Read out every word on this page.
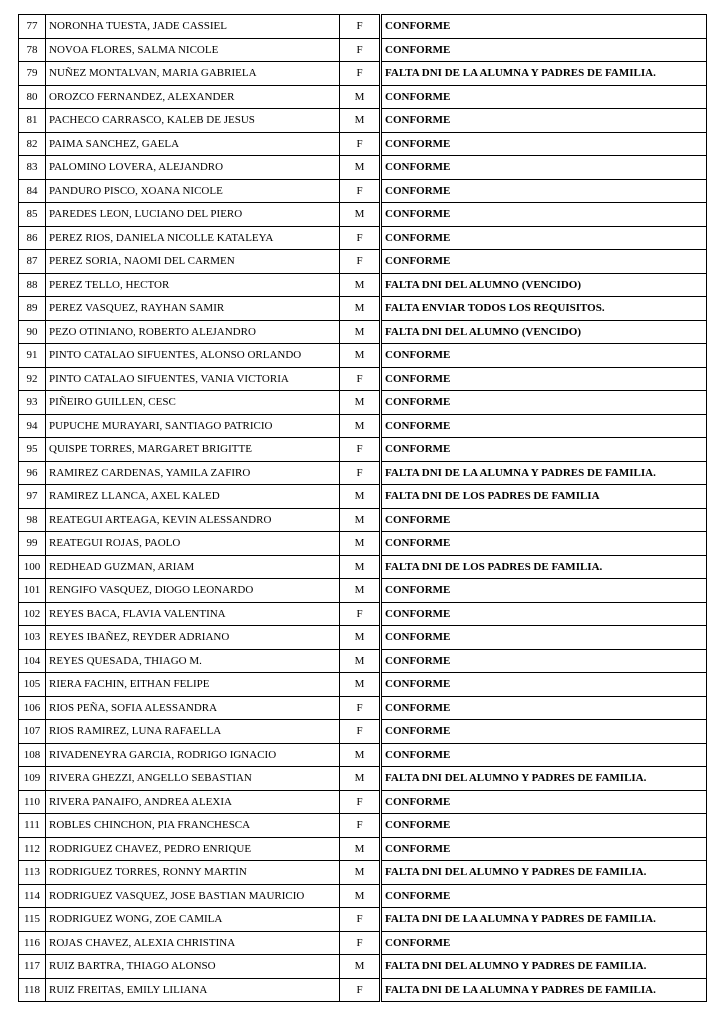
77	NORONHA TUESTA, JADE CASSIEL	F	CONFORME
78	NOVOA FLORES, SALMA NICOLE	F	CONFORME
79	NUÑEZ MONTALVAN, MARIA GABRIELA	F	FALTA DNI DE LA ALUMNA Y PADRES DE FAMILIA.
80	OROZCO FERNANDEZ, ALEXANDER	M	CONFORME
81	PACHECO CARRASCO, KALEB DE JESUS	M	CONFORME
82	PAIMA SANCHEZ, GAELA	F	CONFORME
83	PALOMINO LOVERA, ALEJANDRO	M	CONFORME
84	PANDURO PISCO, XOANA NICOLE	F	CONFORME
85	PAREDES LEON, LUCIANO DEL PIERO	M	CONFORME
86	PEREZ RIOS, DANIELA NICOLLE KATALEYA	F	CONFORME
87	PEREZ SORIA, NAOMI DEL CARMEN	F	CONFORME
88	PEREZ TELLO, HECTOR	M	FALTA DNI DEL ALUMNO (VENCIDO)
89	PEREZ VASQUEZ, RAYHAN SAMIR	M	FALTA ENVIAR TODOS LOS REQUISITOS.
90	PEZO OTINIANO, ROBERTO ALEJANDRO	M	FALTA DNI DEL ALUMNO (VENCIDO)
91	PINTO CATALAO SIFUENTES, ALONSO ORLANDO	M	CONFORME
92	PINTO CATALAO SIFUENTES, VANIA VICTORIA	F	CONFORME
93	PIÑEIRO GUILLEN, CESC	M	CONFORME
94	PUPUCHE MURAYARI, SANTIAGO PATRICIO	M	CONFORME
95	QUISPE TORRES, MARGARET BRIGITTE	F	CONFORME
96	RAMIREZ CARDENAS, YAMILA ZAFIRO	F	FALTA DNI DE LA ALUMNA Y PADRES DE FAMILIA.
97	RAMIREZ LLANCA, AXEL KALED	M	FALTA DNI DE LOS PADRES DE FAMILIA
98	REATEGUI ARTEAGA, KEVIN ALESSANDRO	M	CONFORME
99	REATEGUI ROJAS, PAOLO	M	CONFORME
100	REDHEAD GUZMAN, ARIAM	M	FALTA DNI DE LOS PADRES DE FAMILIA.
101	RENGIFO VASQUEZ, DIOGO LEONARDO	M	CONFORME
102	REYES BACA, FLAVIA VALENTINA	F	CONFORME
103	REYES IBAÑEZ, REYDER ADRIANO	M	CONFORME
104	REYES QUESADA, THIAGO M.	M	CONFORME
105	RIERA FACHIN, EITHAN FELIPE	M	CONFORME
106	RIOS PEÑA, SOFIA ALESSANDRA	F	CONFORME
107	RIOS RAMIREZ, LUNA RAFAELLA	F	CONFORME
108	RIVADENEYRA GARCIA, RODRIGO IGNACIO	M	CONFORME
109	RIVERA GHEZZI, ANGELLO SEBASTIAN	M	FALTA DNI DEL ALUMNO Y PADRES DE FAMILIA.
110	RIVERA PANAIFO, ANDREA ALEXIA	F	CONFORME
111	ROBLES CHINCHON, PIA FRANCHESCA	F	CONFORME
112	RODRIGUEZ CHAVEZ, PEDRO ENRIQUE	M	CONFORME
113	RODRIGUEZ TORRES, RONNY MARTIN	M	FALTA DNI DEL ALUMNO Y PADRES DE FAMILIA.
114	RODRIGUEZ VASQUEZ, JOSE BASTIAN MAURICIO	M	CONFORME
115	RODRIGUEZ WONG, ZOE CAMILA	F	FALTA DNI DE LA ALUMNA Y PADRES DE FAMILIA.
116	ROJAS CHAVEZ, ALEXIA CHRISTINA	F	CONFORME
117	RUIZ BARTRA, THIAGO ALONSO	M	FALTA DNI DEL ALUMNO Y PADRES DE FAMILIA.
118	RUIZ FREITAS, EMILY LILIANA	F	FALTA DNI DE LA ALUMNA Y PADRES DE FAMILIA.
